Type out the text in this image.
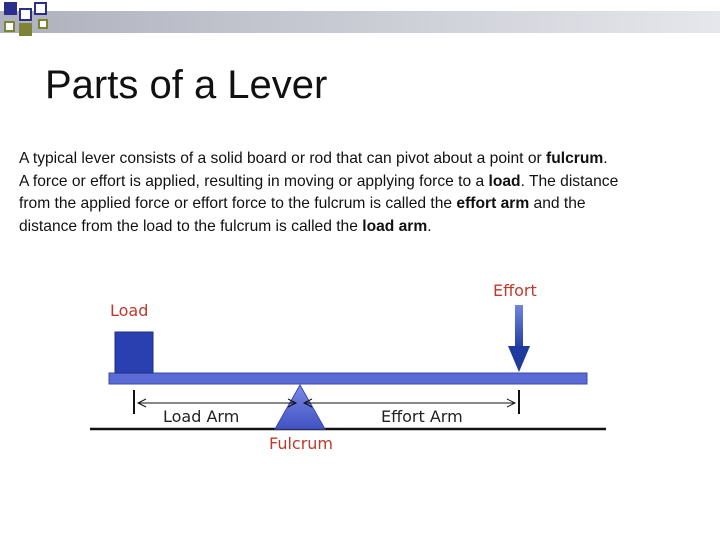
Parts of a Lever

A typical lever consists of a solid board or rod that can pivot about a point or fulcrum.
A force or effort is applied, resulting in moving or applying force to a load. The distance
from the applied force or effort force to the fulcrum is called the effort arm and the
distance from the load to the fulcrum is called the load arm.

Load
Effort
Load Arm	Effort Arm
Fulcrum
